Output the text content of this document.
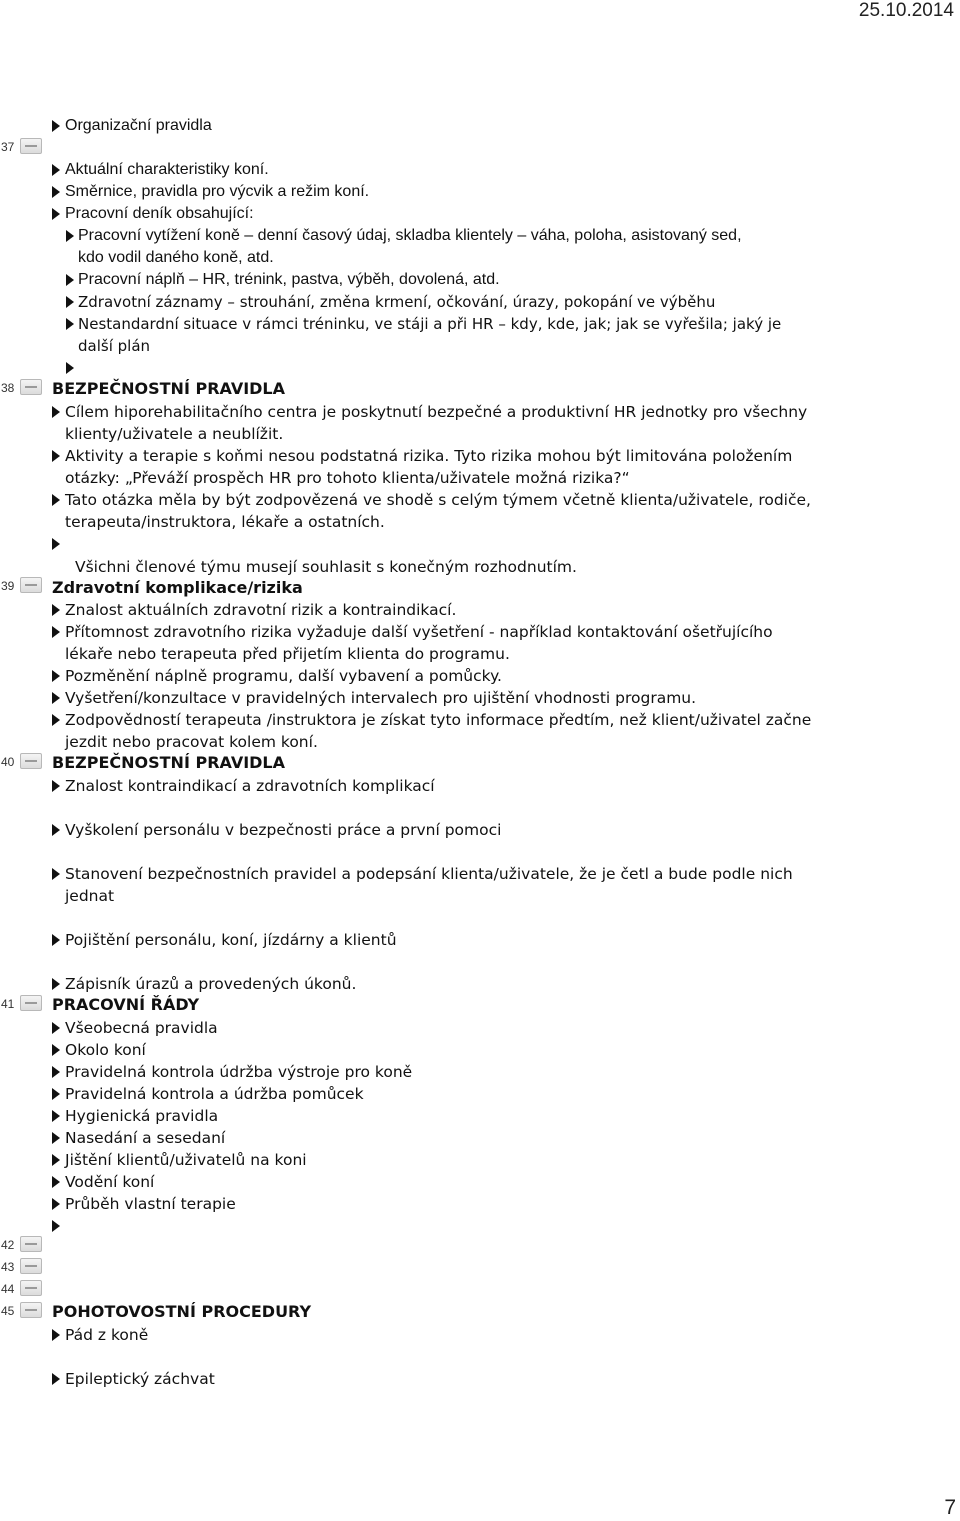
25.10.2014
37
38
39
40
41
42
43
44
45
Organizační pravidla
Aktuální charakteristiky koní.
Směrnice, pravidla pro výcvik a režim koní.
Pracovní deník obsahující:
Pracovní vytížení koně – denní časový údaj, skladba klientely – váha, poloha, asistovaný sed,
kdo vodil daného koně, atd.
Pracovní náplň – HR, trénink, pastva, výběh, dovolená, atd.
Zdravotní záznamy – strouhání, změna krmení, očkování, úrazy, pokopání ve výběhu
Nestandardní situace v rámci tréninku, ve stáji a při HR – kdy, kde, jak; jak se vyřešila; jaký je
další plán
BEZPEČNOSTNÍ PRAVIDLA
Cílem hiporehabilitačního centra je poskytnutí bezpečné a produktivní HR jednotky pro všechny
klienty/uživatele a neublížit.
Aktivity a terapie s koňmi nesou podstatná rizika. Tyto rizika mohou být limitována položením
otázky: „Převáží prospěch HR pro tohoto klienta/uživatele možná rizika?“
Tato otázka měla by být zodpovězená ve shodě s celým týmem včetně klienta/uživatele, rodiče,
terapeuta/instruktora, lékaře a ostatních.
Všichni členové týmu musejí souhlasit s konečným rozhodnutím.
Zdravotní komplikace/rizika
Znalost aktuálních zdravotní rizik a kontraindikací.
Přítomnost zdravotního rizika vyžaduje další vyšetření - například kontaktování ošetřujícího
lékaře nebo terapeuta před přijetím klienta do programu.
Pozměnění náplně programu, další vybavení a pomůcky.
Vyšetření/konzultace v pravidelných intervalech pro ujištění vhodnosti programu.
Zodpovědností terapeuta /instruktora je získat tyto informace předtím, než klient/uživatel začne
jezdit nebo pracovat kolem koní.
BEZPEČNOSTNÍ PRAVIDLA
Znalost kontraindikací a zdravotních komplikací
Vyškolení personálu v bezpečnosti práce a první pomoci
Stanovení bezpečnostních pravidel a podepsání klienta/uživatele, že je četl a bude podle nich
jednat
Pojištění personálu, koní, jízdárny a klientů
Zápisník úrazů a provedených úkonů.
PRACOVNÍ ŘÁDY
Všeobecná pravidla
Okolo koní
Pravidelná kontrola údržba výstroje pro koně
Pravidelná kontrola a údržba pomůcek
Hygienická pravidla
Nasedání a sesedaní
Jištění klientů/uživatelů na koni
Vodění koní
Průběh vlastní terapie
POHOTOVOSTNÍ PROCEDURY
Pád z koně
Epileptický záchvat
7
